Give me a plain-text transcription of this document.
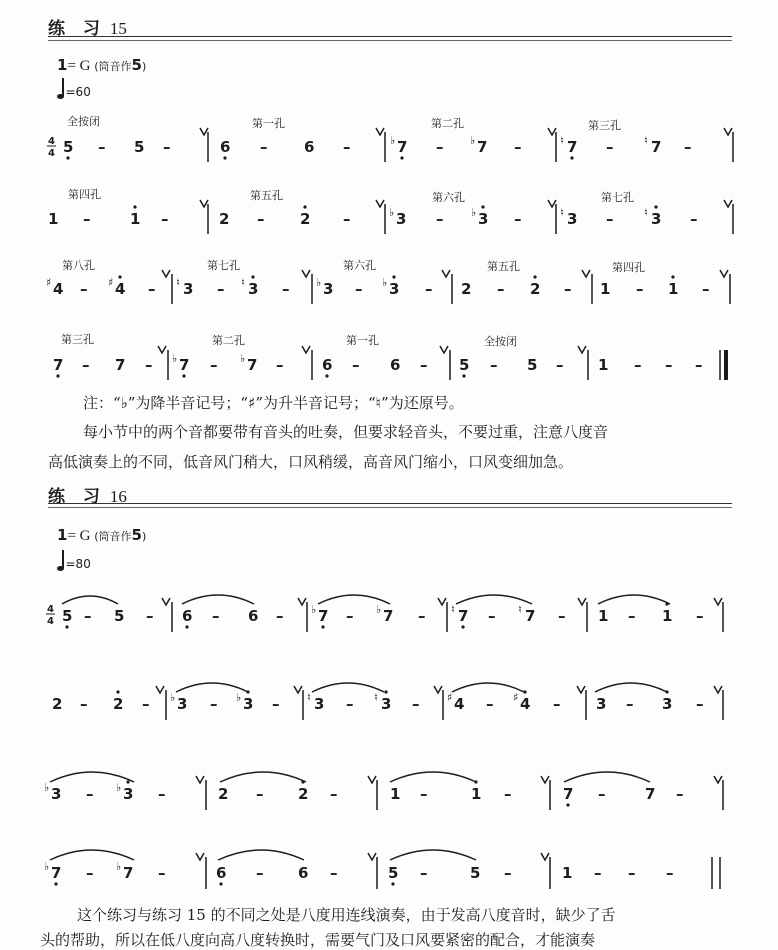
练 习 15
1= G (筒音作5)
=60
全按闭	第一孔	第二孔	第三孔
第四孔	第五孔	第六孔	第七孔
第八孔	第七孔	第六孔	第五孔	第四孔
第三孔	第二孔	第一孔	全按闭
4
4 5 – 5 –	6 – 6 –	♭ 7 – ♭ 7 –	♮ 7 –	♮ 7 –
1 –	1 –	2 – 2 –	♭ 3 –	♭ 3 –	♮ 3 –	♮ 3 –
♯ 4 – ♯ 4 – ♮ 3 – ♮ 3 – ♭ 3 – ♭ 3 – 2 – 2 – 1 – 1 –
7 – 7 – ♭ 7 – ♭ 7 –	6 – 6 – 5 – 5 – 1 – – –
注：“♭”为降半音记号；“♯”为升半音记号；“♮”为还原号。
每小节中的两个音都要带有音头的吐奏，但要求轻音头，不要过重，注意八度音
高低演奏上的不同，低音风门稍大，口风稍缓，高音风门缩小，口风变细加急。
练 习 16
1= G (筒音作5)
=80
4
4 5 – 5 – 6 – 6 –	♭ 7 – ♭ 7 – ♮ 7 – ♮ 7 – 1 – 1 –
2 – 2 – ♭ 3 – ♭ 3 –	♮ 3 – ♮ 3 –	♯ 4 – ♯ 4 – 3 – 3 –
♭ 3 – ♭ 3 –	2 – 2 –	1 –	1 –	7 –	7 –
♭ 7 – ♭ 7 –	6 – 6 –	5 –	5 –	1 – – –
这个练习与练习 15 的不同之处是八度用连线演奏，由于发高八度音时，缺少了舌
头的帮助，所以在低八度向高八度转换时，需要气门及口风要紧密的配合，才能演奏
